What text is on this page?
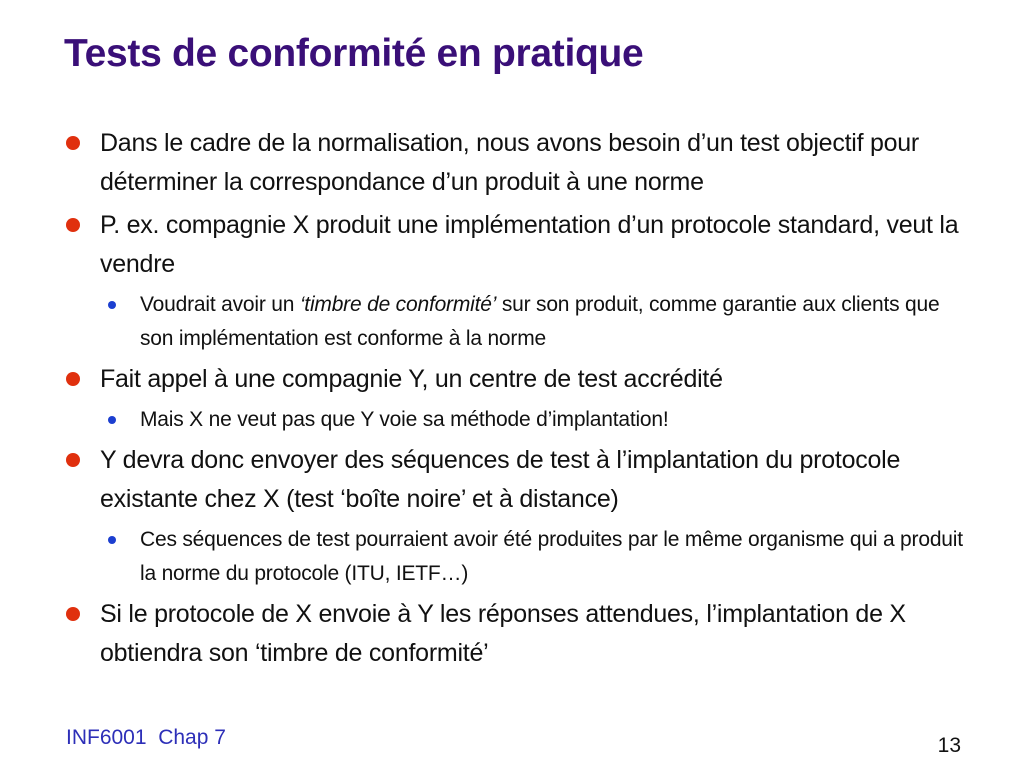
Tests de conformité en pratique
Dans le cadre de la normalisation, nous avons besoin d’un test objectif pour déterminer la correspondance d’un produit à une norme
P. ex. compagnie X produit une implémentation d’un protocole standard, veut la vendre
Voudrait avoir un ‘timbre de conformité’ sur son produit, comme garantie aux clients que son implémentation est conforme à la norme
Fait appel à une compagnie Y, un centre de test accrédité
Mais X ne veut pas que Y voie sa méthode d’implantation!
Y devra donc envoyer des séquences de test à l’implantation du protocole existante chez X (test ‘boîte noire’ et à distance)
Ces séquences de test pourraient avoir été produites par le même organisme qui a produit la norme du protocole (ITU, IETF…)
Si le protocole de X envoie à Y les réponses attendues, l’implantation de X obtiendra son ‘timbre de conformité’
INF6001  Chap 7	13
